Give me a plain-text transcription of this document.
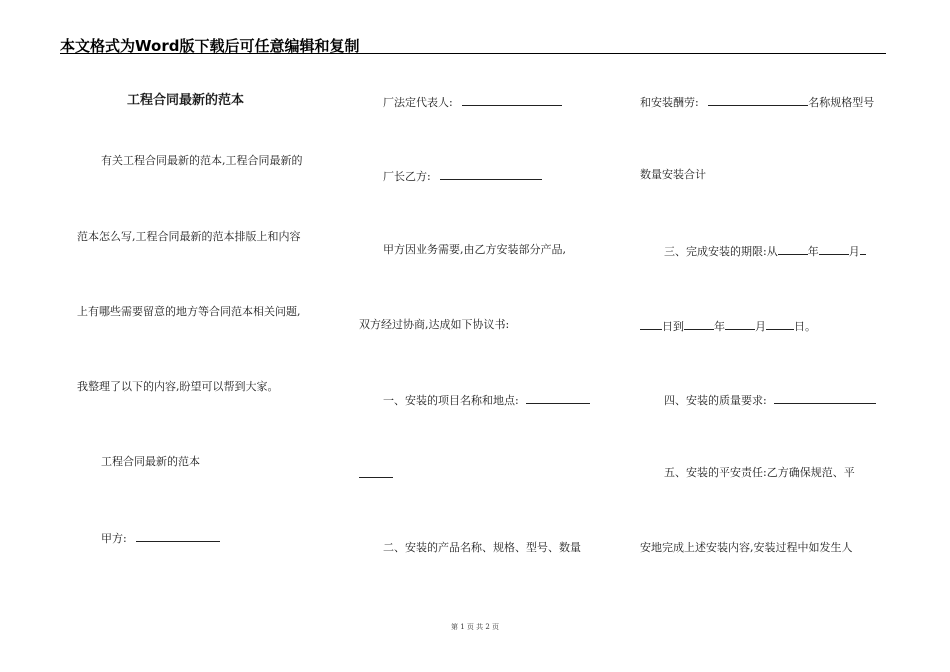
本文格式为Word版下载后可任意编辑和复制
工程合同最新的范本
有关工程合同最新的范本,工程合同最新的
范本怎么写,工程合同最新的范本排版上和内容
上有哪些需要留意的地方等合同范本相关问题,
我整理了以下的内容,盼望可以帮到大家。
工程合同最新的范本
甲方:
厂法定代表人:
厂长乙方:
甲方因业务需要,由乙方安装部分产品,
双方经过协商,达成如下协议书:
一、安装的项目名称和地点:
二、安装的产品名称、规格、型号、数量
和安装酬劳:	名称规格型号
数量安装合计
三、完成安装的期限:从	年	月
日到	年	月	日。
四、安装的质量要求:
五、安装的平安责任:乙方确保规范、平
安地完成上述安装内容,安装过程中如发生人
第 1 页 共 2 页
